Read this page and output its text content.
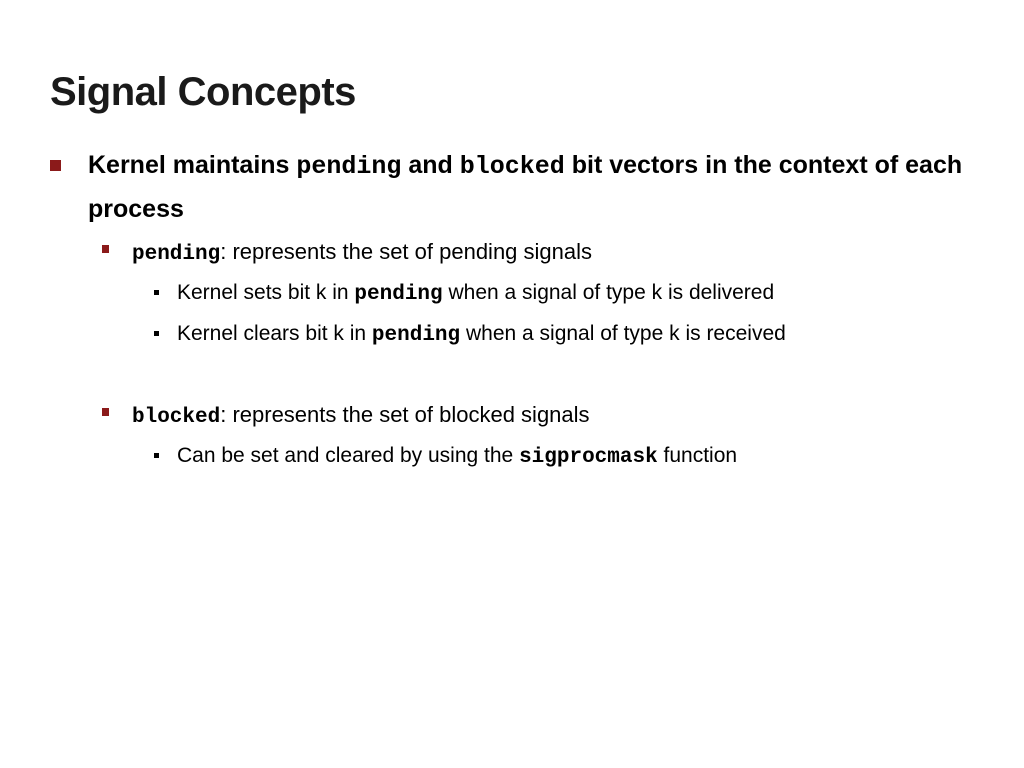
Signal Concepts
Kernel maintains pending and blocked bit vectors in the context of each process
pending: represents the set of pending signals
Kernel sets bit k in pending when a signal of type k is delivered
Kernel clears bit k in pending when a signal of type k is received
blocked: represents the set of blocked signals
Can be set and cleared by using the sigprocmask function
